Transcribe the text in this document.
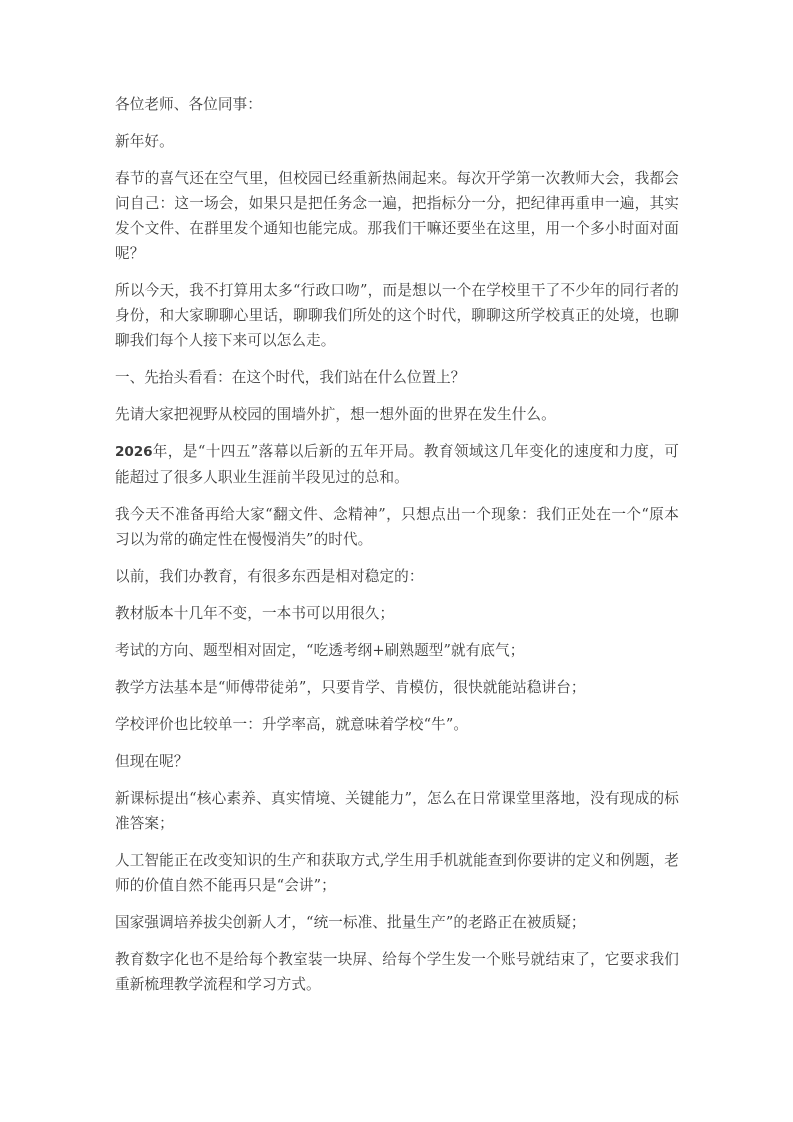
各位老师、各位同事：

新年好。

春节的喜气还在空气里，但校园已经重新热闹起来。每次开学第一次教师大会，我都会问自己：这一场会，如果只是把任务念一遍，把指标分一分，把纪律再重申一遍，其实发个文件、在群里发个通知也能完成。那我们干嘛还要坐在这里，用一个多小时面对面呢？

所以今天，我不打算用太多“行政口吻”，而是想以一个在学校里干了不少年的同行者的身份，和大家聊聊心里话，聊聊我们所处的这个时代，聊聊这所学校真正的处境，也聊聊我们每个人接下来可以怎么走。

一、先抬头看看：在这个时代，我们站在什么位置上？

先请大家把视野从校园的围墙外扩，想一想外面的世界在发生什么。

2026年，是“十四五”落幕以后新的五年开局。教育领域这几年变化的速度和力度，可能超过了很多人职业生涯前半段见过的总和。

我今天不准备再给大家“翻文件、念精神”，只想点出一个现象：我们正处在一个“原本习以为常的确定性在慢慢消失”的时代。

以前，我们办教育，有很多东西是相对稳定的：

教材版本十几年不变，一本书可以用很久；

考试的方向、题型相对固定，“吃透考纲+刷熟题型”就有底气；

教学方法基本是“师傅带徒弟”，只要肯学、肯模仿，很快就能站稳讲台；

学校评价也比较单一：升学率高，就意味着学校“牛”。

但现在呢？

新课标提出“核心素养、真实情境、关键能力”，怎么在日常课堂里落地，没有现成的标准答案；

人工智能正在改变知识的生产和获取方式,学生用手机就能查到你要讲的定义和例题，老师的价值自然不能再只是“会讲”；

国家强调培养拔尖创新人才，“统一标准、批量生产”的老路正在被质疑；

教育数字化也不是给每个教室装一块屏、给每个学生发一个账号就结束了，它要求我们重新梳理教学流程和学习方式。
